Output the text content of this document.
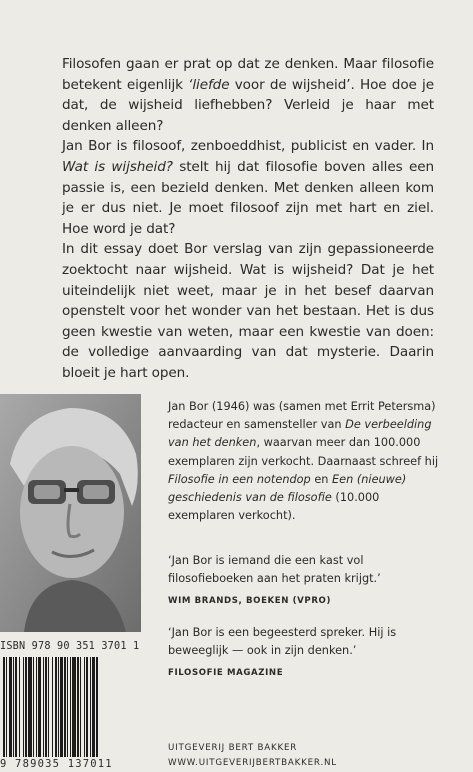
Filosofen gaan er prat op dat ze denken. Maar filosofie betekent eigenlijk ‘liefde voor de wijsheid’. Hoe doe je dat, de wijsheid liefhebben? Verleid je haar met denken alleen?

Jan Bor is filosoof, zenboeddhist, publicist en vader. In Wat is wijsheid? stelt hij dat filosofie boven alles een passie is, een bezield denken. Met denken alleen kom je er dus niet. Je moet filosoof zijn met hart en ziel. Hoe word je dat?

In dit essay doet Bor verslag van zijn gepassioneerde zoektocht naar wijsheid. Wat is wijsheid? Dat je het uiteindelijk niet weet, maar je in het besef daarvan openstelt voor het wonder van het bestaan. Het is dus geen kwestie van weten, maar een kwestie van doen: de volledige aanvaarding van dat mysterie. Daarin bloeit je hart open.

Jan Bor (1946) was (samen met Errit Petersma) redacteur en samensteller van De verbeelding van het denken, waarvan meer dan 100.000 exemplaren zijn verkocht. Daarnaast schreef hij Filosofie in een notendop en Een (nieuwe) geschiedenis van de filosofie (10.000 exemplaren verkocht).

‘Jan Bor is iemand die een kast vol filosofieboeken aan het praten krijgt.’

WIM BRANDS, BOEKEN (VPRO)

‘Jan Bor is een begeesterd spreker. Hij is beweeglijk — ook in zijn denken.’

FILOSOFIE MAGAZINE

ISBN 978 90 351 3701 1
9 789035 137011

UITGEVERIJ BERT BAKKER

WWW.UITGEVERIJBERTBAKKER.NL
